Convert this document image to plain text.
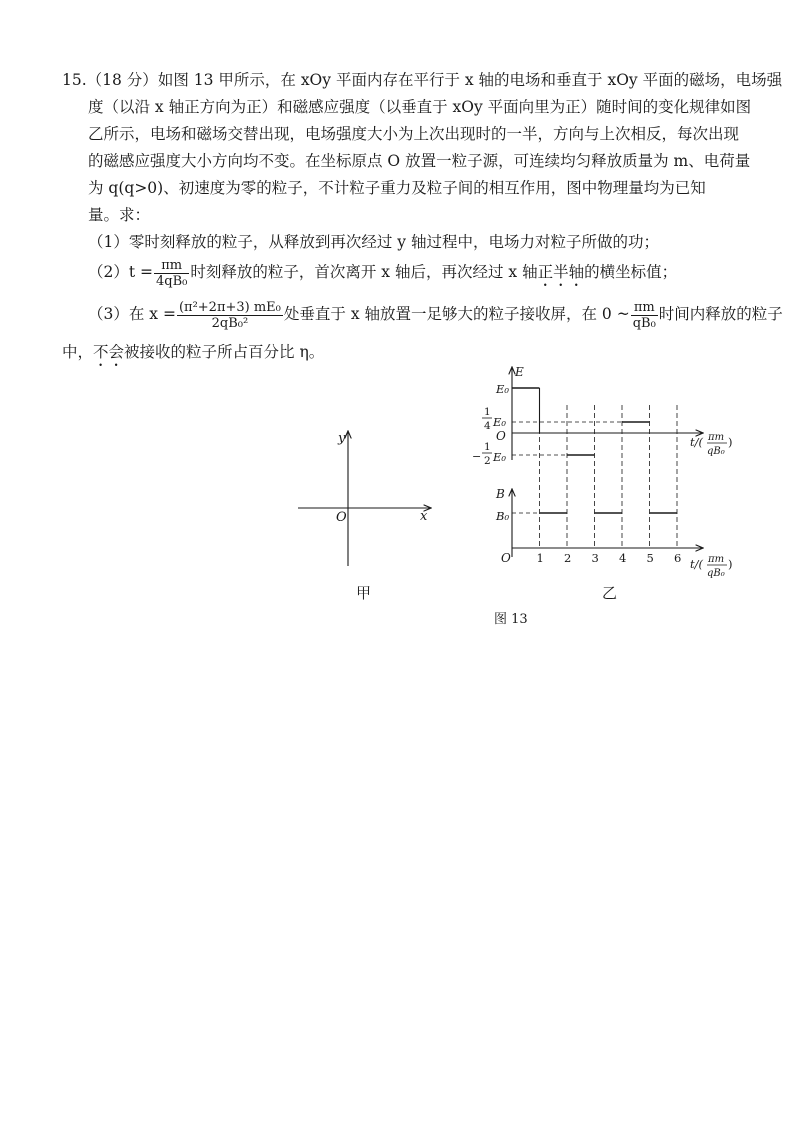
15.（18 分）如图 13 甲所示，在 xOy 平面内存在平行于 x 轴的电场和垂直于 xOy 平面的磁场，电场强
度（以沿 x 轴正方向为正）和磁感应强度（以垂直于 xOy 平面向里为正）随时间的变化规律如图
乙所示，电场和磁场交替出现，电场强度大小为上次出现时的一半，方向与上次相反，每次出现
的磁感应强度大小方向均不变。在坐标原点 O 放置一粒子源，可连续均匀释放质量为 m、电荷量
为 q(q>0)、初速度为零的粒子，不计粒子重力及粒子间的相互作用，图中物理量均为已知
量。求：
（1）零时刻释放的粒子，从释放到再次经过 y 轴过程中，电场力对粒子所做的功；
$(2)t = \frac{\pi m}{\text{4qB₀}}$ 时刻释放的粒子，首次离开 x 轴后，再次经过 x 轴正半轴的横坐标值；
（3）在 $x = \frac{\text{(π²+2π+3) mE₀}}{\text{2qB₀²}}$ 处垂直于 x 轴放置一足够大的粒子接收屏，在 0 ~ $\frac{\pi m}{\text{qB₀}}$ 时间内释放的粒子
中，不会被接收的粒子所占百分比 η。
y
x
O
甲
E
O
E₀
1
4 E₀
−
1
2 E₀
t/( πm
qB₀
)
B
B₀
O 1 2 3 4 5 6 t/( πm
qB₀
)
乙
图 13
